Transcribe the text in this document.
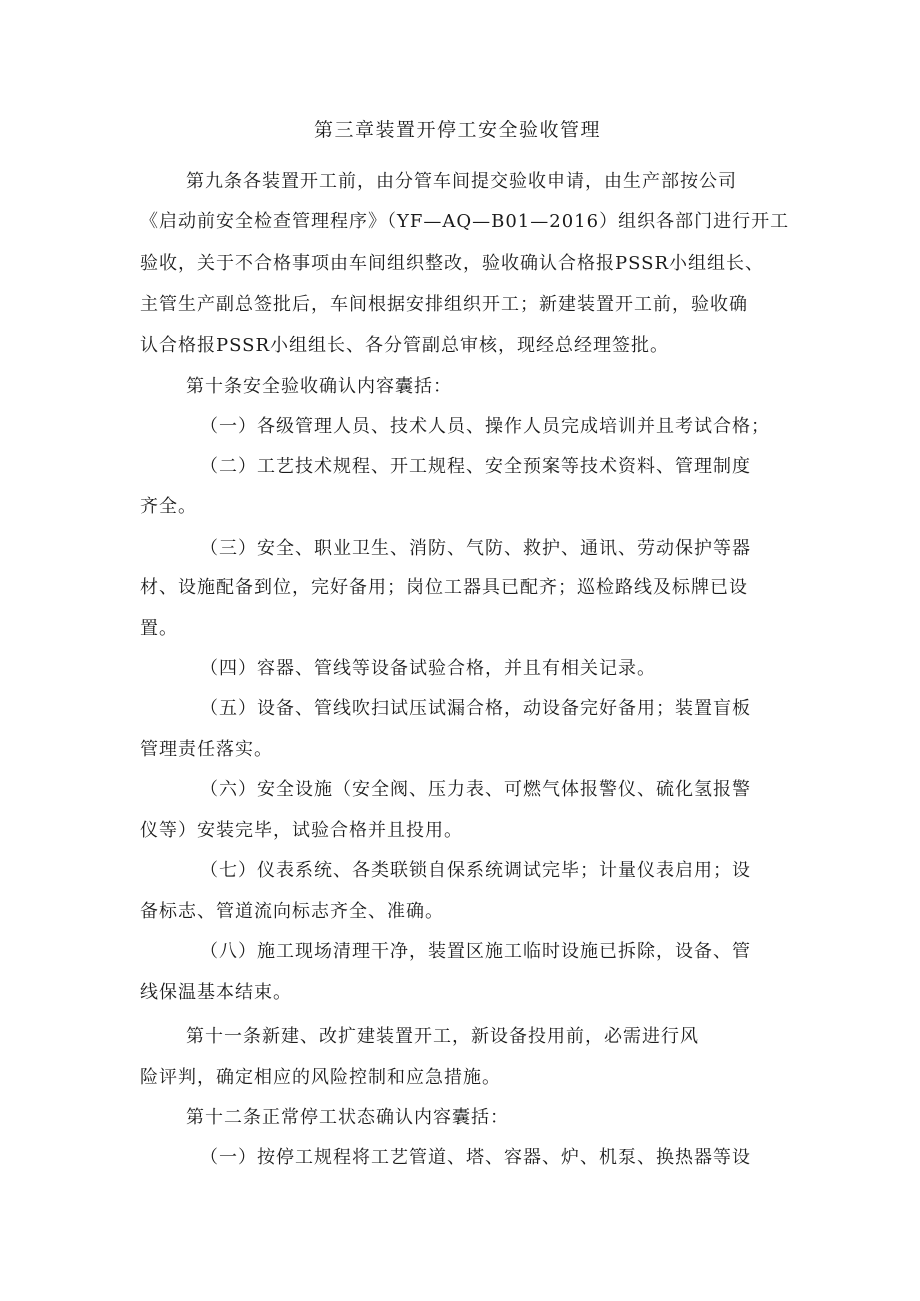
第三章装置开停工安全验收管理
第九条各装置开工前，由分管车间提交验收申请，由生产部按公司
《启动前安全检查管理程序》（YF—AQ—B01—2016）组织各部门进行开工
验收，关于不合格事项由车间组织整改，验收确认合格报PSSR小组组长、
主管生产副总签批后，车间根据安排组织开工；新建装置开工前，验收确
认合格报PSSR小组组长、各分管副总审核，现经总经理签批。
第十条安全验收确认内容囊括：
（一）各级管理人员、技术人员、操作人员完成培训并且考试合格；
（二）工艺技术规程、开工规程、安全预案等技术资料、管理制度
齐全。
（三）安全、职业卫生、消防、气防、救护、通讯、劳动保护等器
材、设施配备到位，完好备用；岗位工器具已配齐；巡检路线及标牌已设
置。
（四）容器、管线等设备试验合格，并且有相关记录。
（五）设备、管线吹扫试压试漏合格，动设备完好备用；装置盲板
管理责任落实。
（六）安全设施（安全阀、压力表、可燃气体报警仪、硫化氢报警
仪等）安装完毕，试验合格并且投用。
（七）仪表系统、各类联锁自保系统调试完毕；计量仪表启用；设
备标志、管道流向标志齐全、准确。
（八）施工现场清理干净，装置区施工临时设施已拆除，设备、管
线保温基本结束。
第十一条新建、改扩建装置开工，新设备投用前，必需进行风
险评判，确定相应的风险控制和应急措施。
第十二条正常停工状态确认内容囊括：
（一）按停工规程将工艺管道、塔、容器、炉、机泵、换热器等设
